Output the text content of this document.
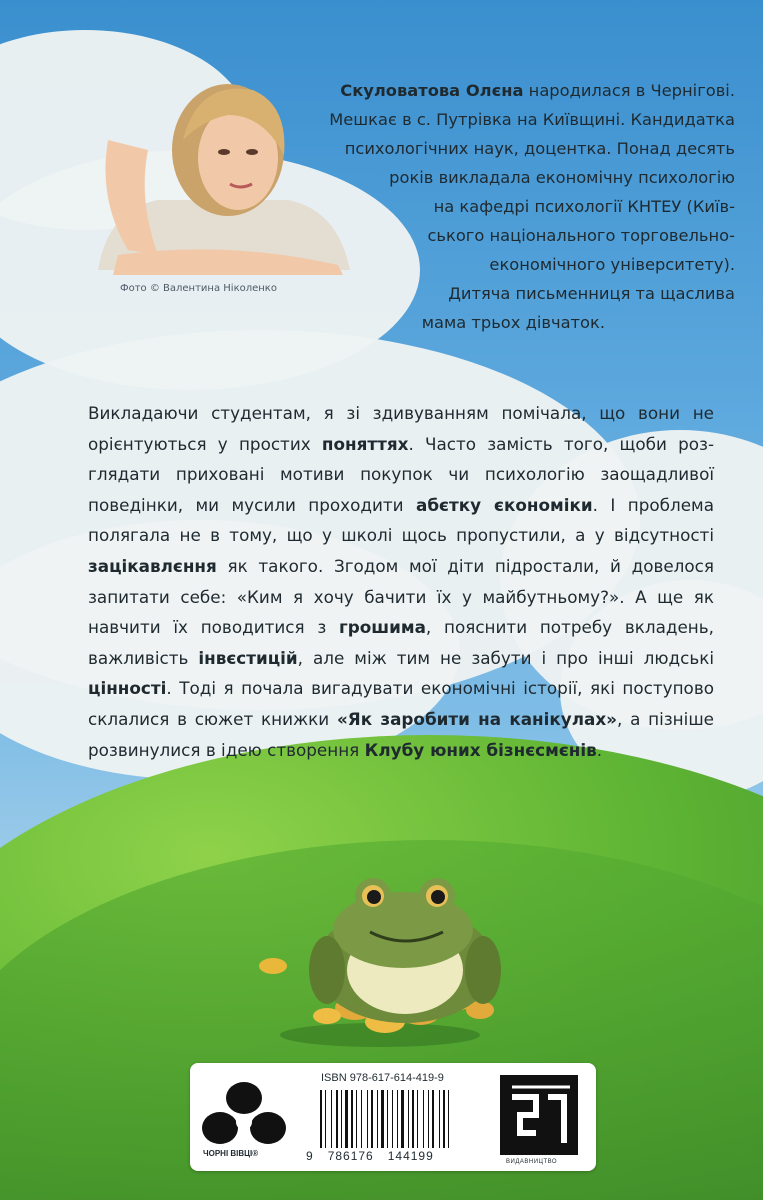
Скуловатова Олєна народилася в Чернігові.
Мешкає в с. Путрівка на Київщині. Кандидатка
психологічних наук, доцентка. Понад десять
років викладала економічну психологію
на кафедрі психології КНТЕУ (Київ-
ського національного торговельно-
економічного університету).
Дитяча письменниця та щаслива
мама трьох дівчаток.
Фото © Валентина Ніколенко
Викладаючи студентам, я зі здивуванням помічала, що вони не
орієнтуються у простих поняттях. Часто замість того, щоби роз-
глядати приховані мотиви покупок чи психологію заощадливої
поведінки, ми мусили проходити абєтку єкономіки. І проблема
полягала не в тому, що у школі щось пропустили, а у відсутності
зацікавлєння як такого. Згодом мої діти підростали, й довелося
запитати себе: «Ким я хочу бачити їх у майбутньому?». А ще як
навчити їх поводитися з грошима, пояснити потребу вкладень,
важливість інвєстицій, але між тим не забути і про інші людські
цінності. Тоді я почала вигадувати економічні історії, які поступово
склалися в сюжет книжки «Як заробити на канікулах», а пізніше
розвинулися в ідею створення Клубу юних бізнєсмєнів.
ЧОРНІ ВІВЦІ®
ISBN 978-617-614-419-9
9 786176 144199	ВИДАВНИЦТВО
